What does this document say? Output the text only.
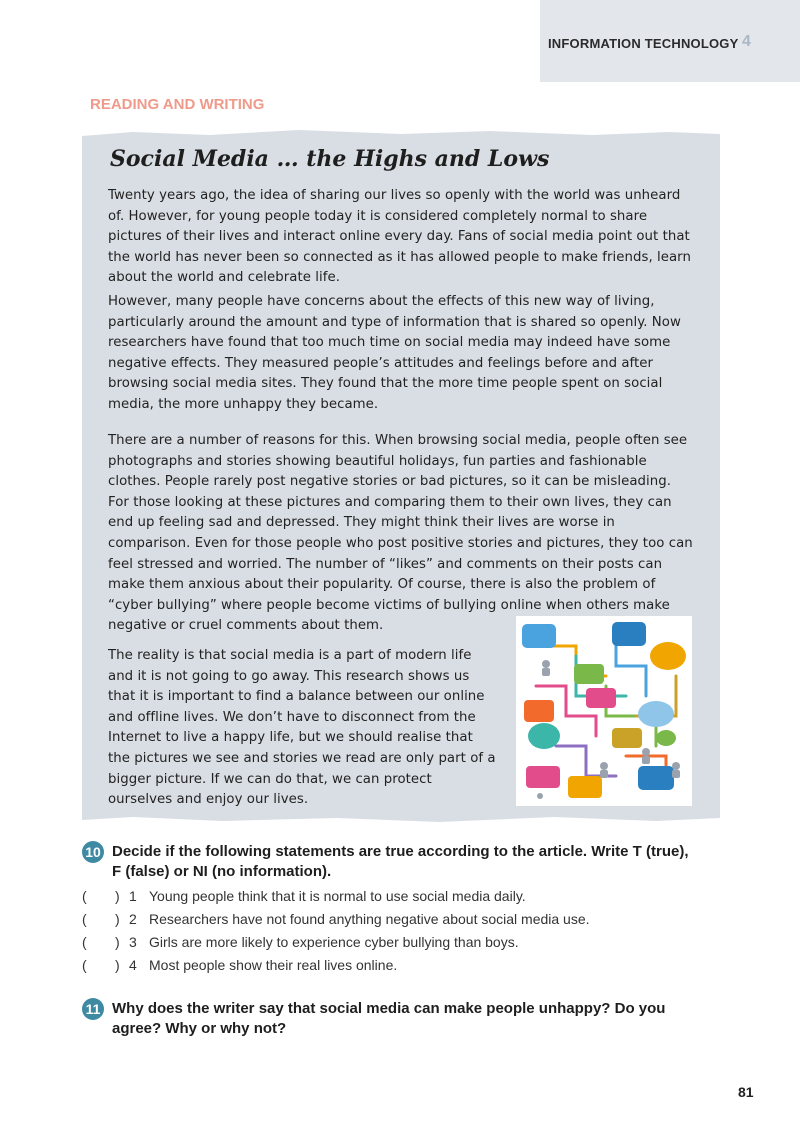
INFORMATION TECHNOLOGY 4
READING AND WRITING
Social Media … the Highs and Lows

Twenty years ago, the idea of sharing our lives so openly with the world was unheard of. However, for young people today it is considered completely normal to share pictures of their lives and interact online every day. Fans of social media point out that the world has never been so connected as it has allowed people to make friends, learn about the world and celebrate life.

However, many people have concerns about the effects of this new way of living, particularly around the amount and type of information that is shared so openly. Now researchers have found that too much time on social media may indeed have some negative effects. They measured people’s attitudes and feelings before and after browsing social media sites. They found that the more time people spent on social media, the more unhappy they became.

There are a number of reasons for this. When browsing social media, people often see photographs and stories showing beautiful holidays, fun parties and fashionable clothes. People rarely post negative stories or bad pictures, so it can be misleading. For those looking at these pictures and comparing them to their own lives, they can end up feeling sad and depressed. They might think their lives are worse in comparison. Even for those people who post positive stories and pictures, they too can feel stressed and worried. The number of “likes” and comments on their posts can make them anxious about their popularity. Of course, there is also the problem of “cyber bullying” where people become victims of bullying online when others make negative or cruel comments about them.

The reality is that social media is a part of modern life and it is not going to go away. This research shows us that it is important to find a balance between our online and offline lives. We don’t have to disconnect from the Internet to live a happy life, but we should realise that the pictures we see and stories we read are only part of a bigger picture. If we can do that, we can protect ourselves and enjoy our lives.

10 Decide if the following statements are true according to the article. Write T (true),
F (false) or NI (no information).
( ) 1 Young people think that it is normal to use social media daily.
( ) 2 Researchers have not found anything negative about social media use.
( ) 3 Girls are more likely to experience cyber bullying than boys.
( ) 4 Most people show their real lives online.
11 Why does the writer say that social media can make people unhappy? Do you
agree? Why or why not?
81
